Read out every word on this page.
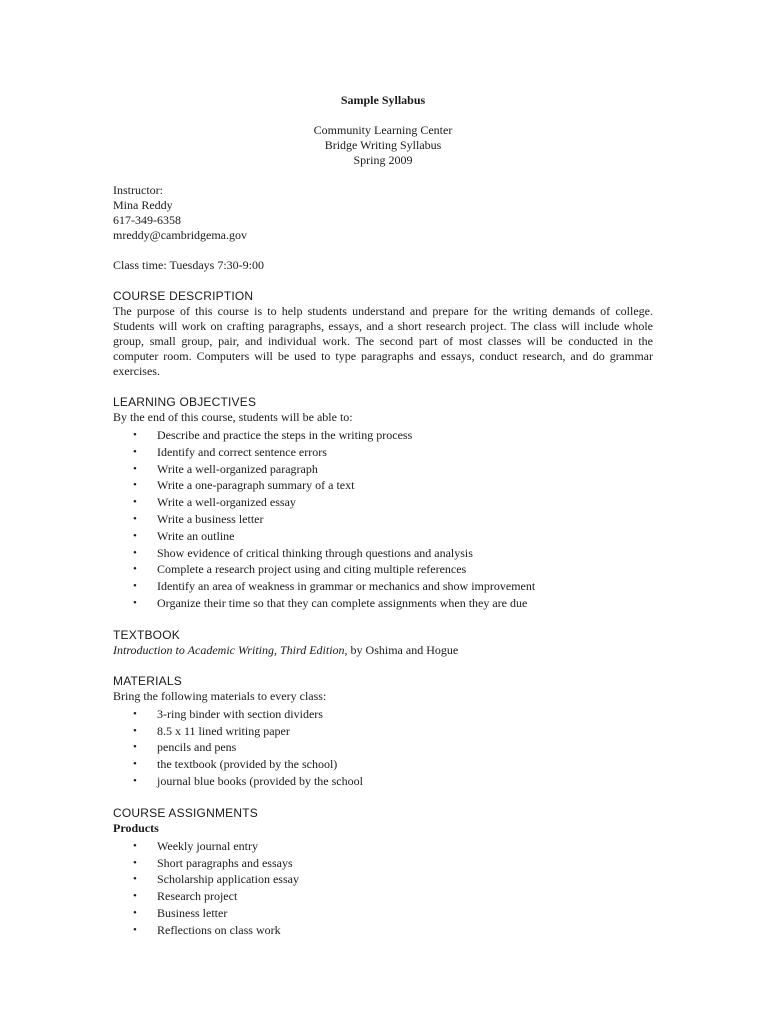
Sample Syllabus
Community Learning Center
Bridge Writing Syllabus
Spring 2009
Instructor:
Mina Reddy
617-349-6358
mreddy@cambridgema.gov
Class time: Tuesdays 7:30-9:00
COURSE DESCRIPTION

The purpose of this course is to help students understand and prepare for the writing demands of college. Students will work on crafting paragraphs, essays, and a short research project. The class will include whole group, small group, pair, and individual work. The second part of most classes will be conducted in the computer room. Computers will be used to type paragraphs and essays, conduct research, and do grammar exercises.

LEARNING OBJECTIVES
By the end of this course, students will be able to:
• Describe and practice the steps in the writing process
• Identify and correct sentence errors
• Write a well-organized paragraph
• Write a one-paragraph summary of a text
• Write a well-organized essay
• Write a business letter
• Write an outline
• Show evidence of critical thinking through questions and analysis
• Complete a research project using and citing multiple references
• Identify an area of weakness in grammar or mechanics and show improvement
• Organize their time so that they can complete assignments when they are due
TEXTBOOK
Introduction to Academic Writing, Third Edition, by Oshima and Hogue
MATERIALS
Bring the following materials to every class:
• 3-ring binder with section dividers
• 8.5 x 11 lined writing paper
• pencils and pens
• the textbook (provided by the school)
• journal blue books (provided by the school
COURSE ASSIGNMENTS
Products
• Weekly journal entry
• Short paragraphs and essays
• Scholarship application essay
• Research project
• Business letter
• Reflections on class work
